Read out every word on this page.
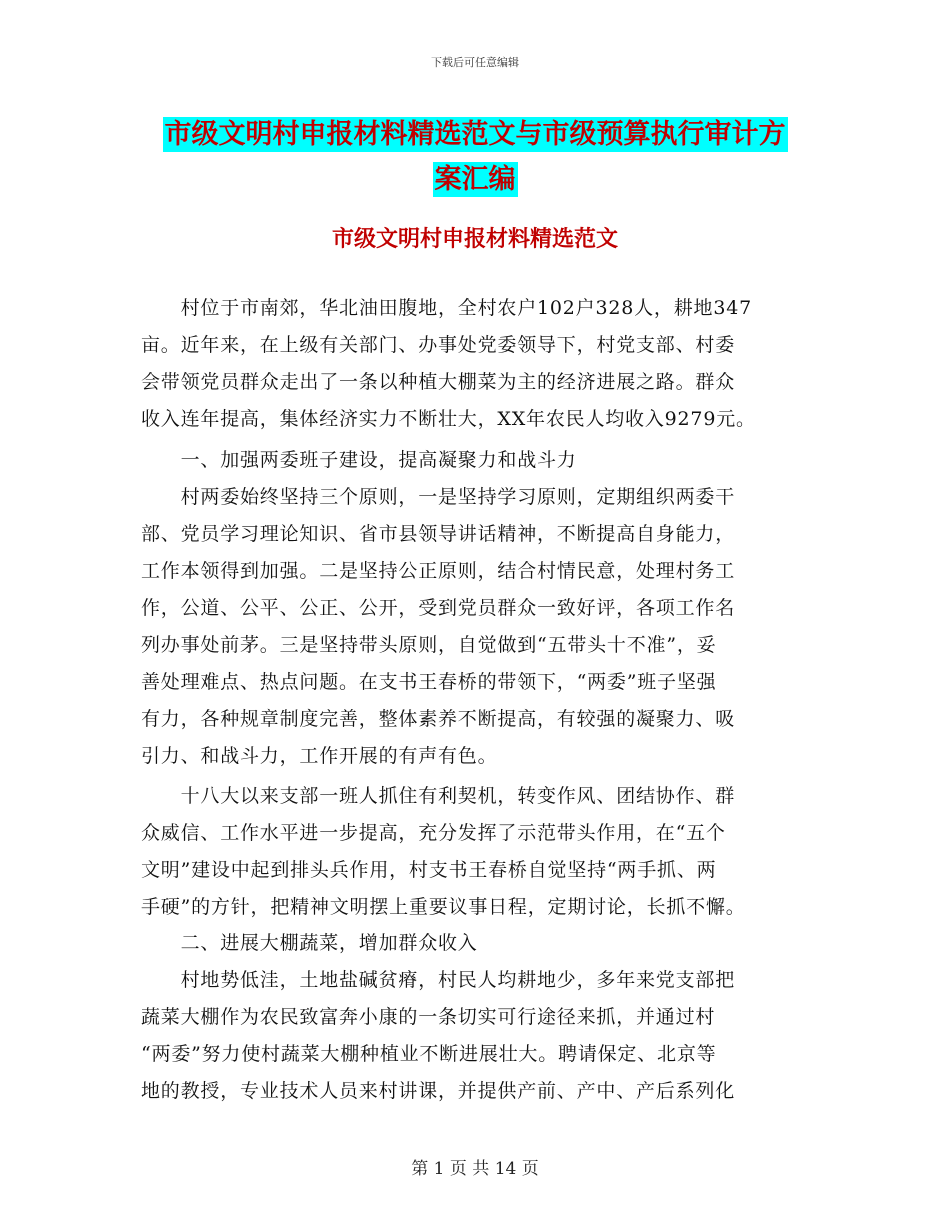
下载后可任意编辑
市级文明村申报材料精选范文与市级预算执行审计方
案汇编
市级文明村申报材料精选范文
　　村位于市南郊，华北油田腹地，全村农户102户328人，耕地347
亩。近年来，在上级有关部门、办事处党委领导下，村党支部、村委
会带领党员群众走出了一条以种植大棚菜为主的经济进展之路。群众
收入连年提高，集体经济实力不断壮大，XX年农民人均收入9279元。
　　一、加强两委班子建设，提高凝聚力和战斗力
　　村两委始终坚持三个原则，一是坚持学习原则，定期组织两委干
部、党员学习理论知识、省市县领导讲话精神，不断提高自身能力，
工作本领得到加强。二是坚持公正原则，结合村情民意，处理村务工
作，公道、公平、公正、公开，受到党员群众一致好评，各项工作名
列办事处前茅。三是坚持带头原则，自觉做到“五带头十不准”，妥
善处理难点、热点问题。在支书王春桥的带领下，“两委”班子坚强
有力，各种规章制度完善，整体素养不断提高，有较强的凝聚力、吸
引力、和战斗力，工作开展的有声有色。
　　十八大以来支部一班人抓住有利契机，转变作风、团结协作、群
众威信、工作水平进一步提高，充分发挥了示范带头作用，在“五个
文明”建设中起到排头兵作用，村支书王春桥自觉坚持“两手抓、两
手硬”的方针，把精神文明摆上重要议事日程，定期讨论，长抓不懈。
　　二、进展大棚蔬菜，增加群众收入
　　村地势低洼，土地盐碱贫瘠，村民人均耕地少，多年来党支部把
蔬菜大棚作为农民致富奔小康的一条切实可行途径来抓，并通过村
“两委”努力使村蔬菜大棚种植业不断进展壮大。聘请保定、北京等
地的教授，专业技术人员来村讲课，并提供产前、产中、产后系列化
第 1 页 共 14 页
